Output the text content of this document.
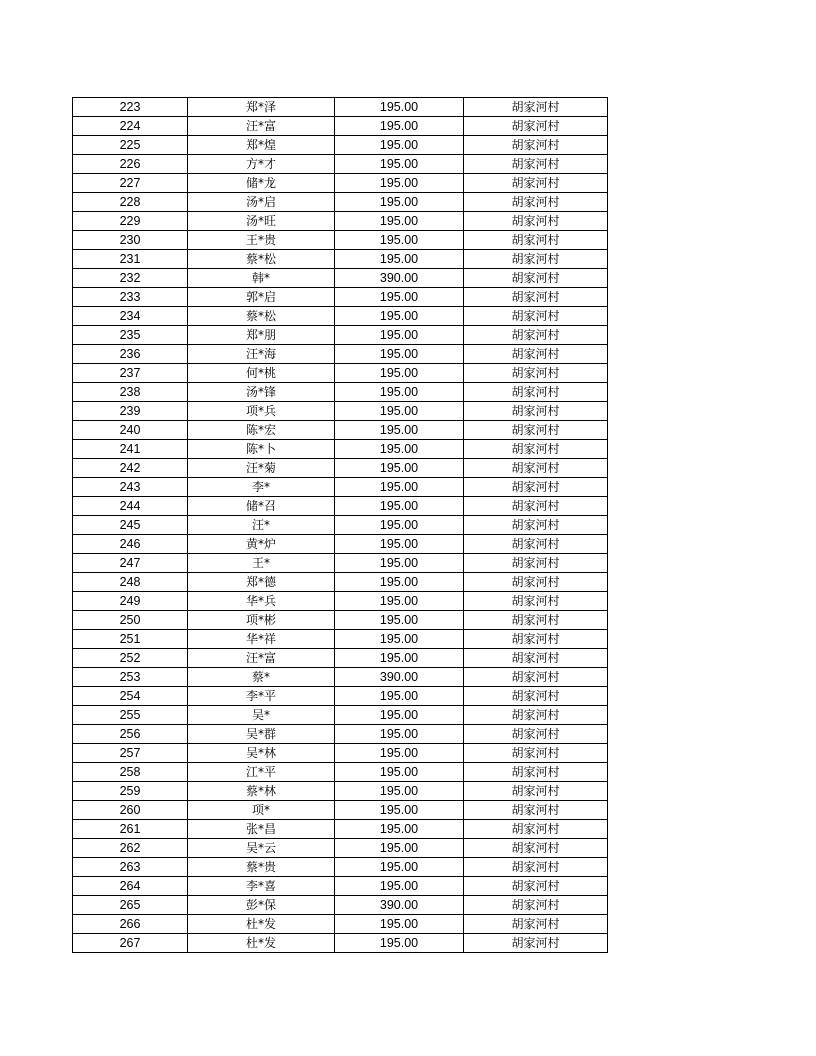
223	郑*泽	195.00	胡家河村
224	汪*富	195.00	胡家河村
225	郑*煌	195.00	胡家河村
226	方*才	195.00	胡家河村
227	储*龙	195.00	胡家河村
228	汤*启	195.00	胡家河村
229	汤*旺	195.00	胡家河村
230	王*贵	195.00	胡家河村
231	蔡*松	195.00	胡家河村
232	韩*	390.00	胡家河村
233	郭*启	195.00	胡家河村
234	蔡*松	195.00	胡家河村
235	郑*朋	195.00	胡家河村
236	汪*海	195.00	胡家河村
237	何*桃	195.00	胡家河村
238	汤*锋	195.00	胡家河村
239	项*兵	195.00	胡家河村
240	陈*宏	195.00	胡家河村
241	陈*卜	195.00	胡家河村
242	汪*菊	195.00	胡家河村
243	李*	195.00	胡家河村
244	储*召	195.00	胡家河村
245	汪*	195.00	胡家河村
246	黄*炉	195.00	胡家河村
247	王*	195.00	胡家河村
248	郑*德	195.00	胡家河村
249	华*兵	195.00	胡家河村
250	项*彬	195.00	胡家河村
251	华*祥	195.00	胡家河村
252	汪*富	195.00	胡家河村
253	蔡*	390.00	胡家河村
254	李*平	195.00	胡家河村
255	吴*	195.00	胡家河村
256	吴*群	195.00	胡家河村
257	吴*林	195.00	胡家河村
258	江*平	195.00	胡家河村
259	蔡*林	195.00	胡家河村
260	项*	195.00	胡家河村
261	张*昌	195.00	胡家河村
262	吴*云	195.00	胡家河村
263	蔡*贵	195.00	胡家河村
264	李*喜	195.00	胡家河村
265	彭*保	390.00	胡家河村
266	杜*发	195.00	胡家河村
267	杜*发	195.00	胡家河村
